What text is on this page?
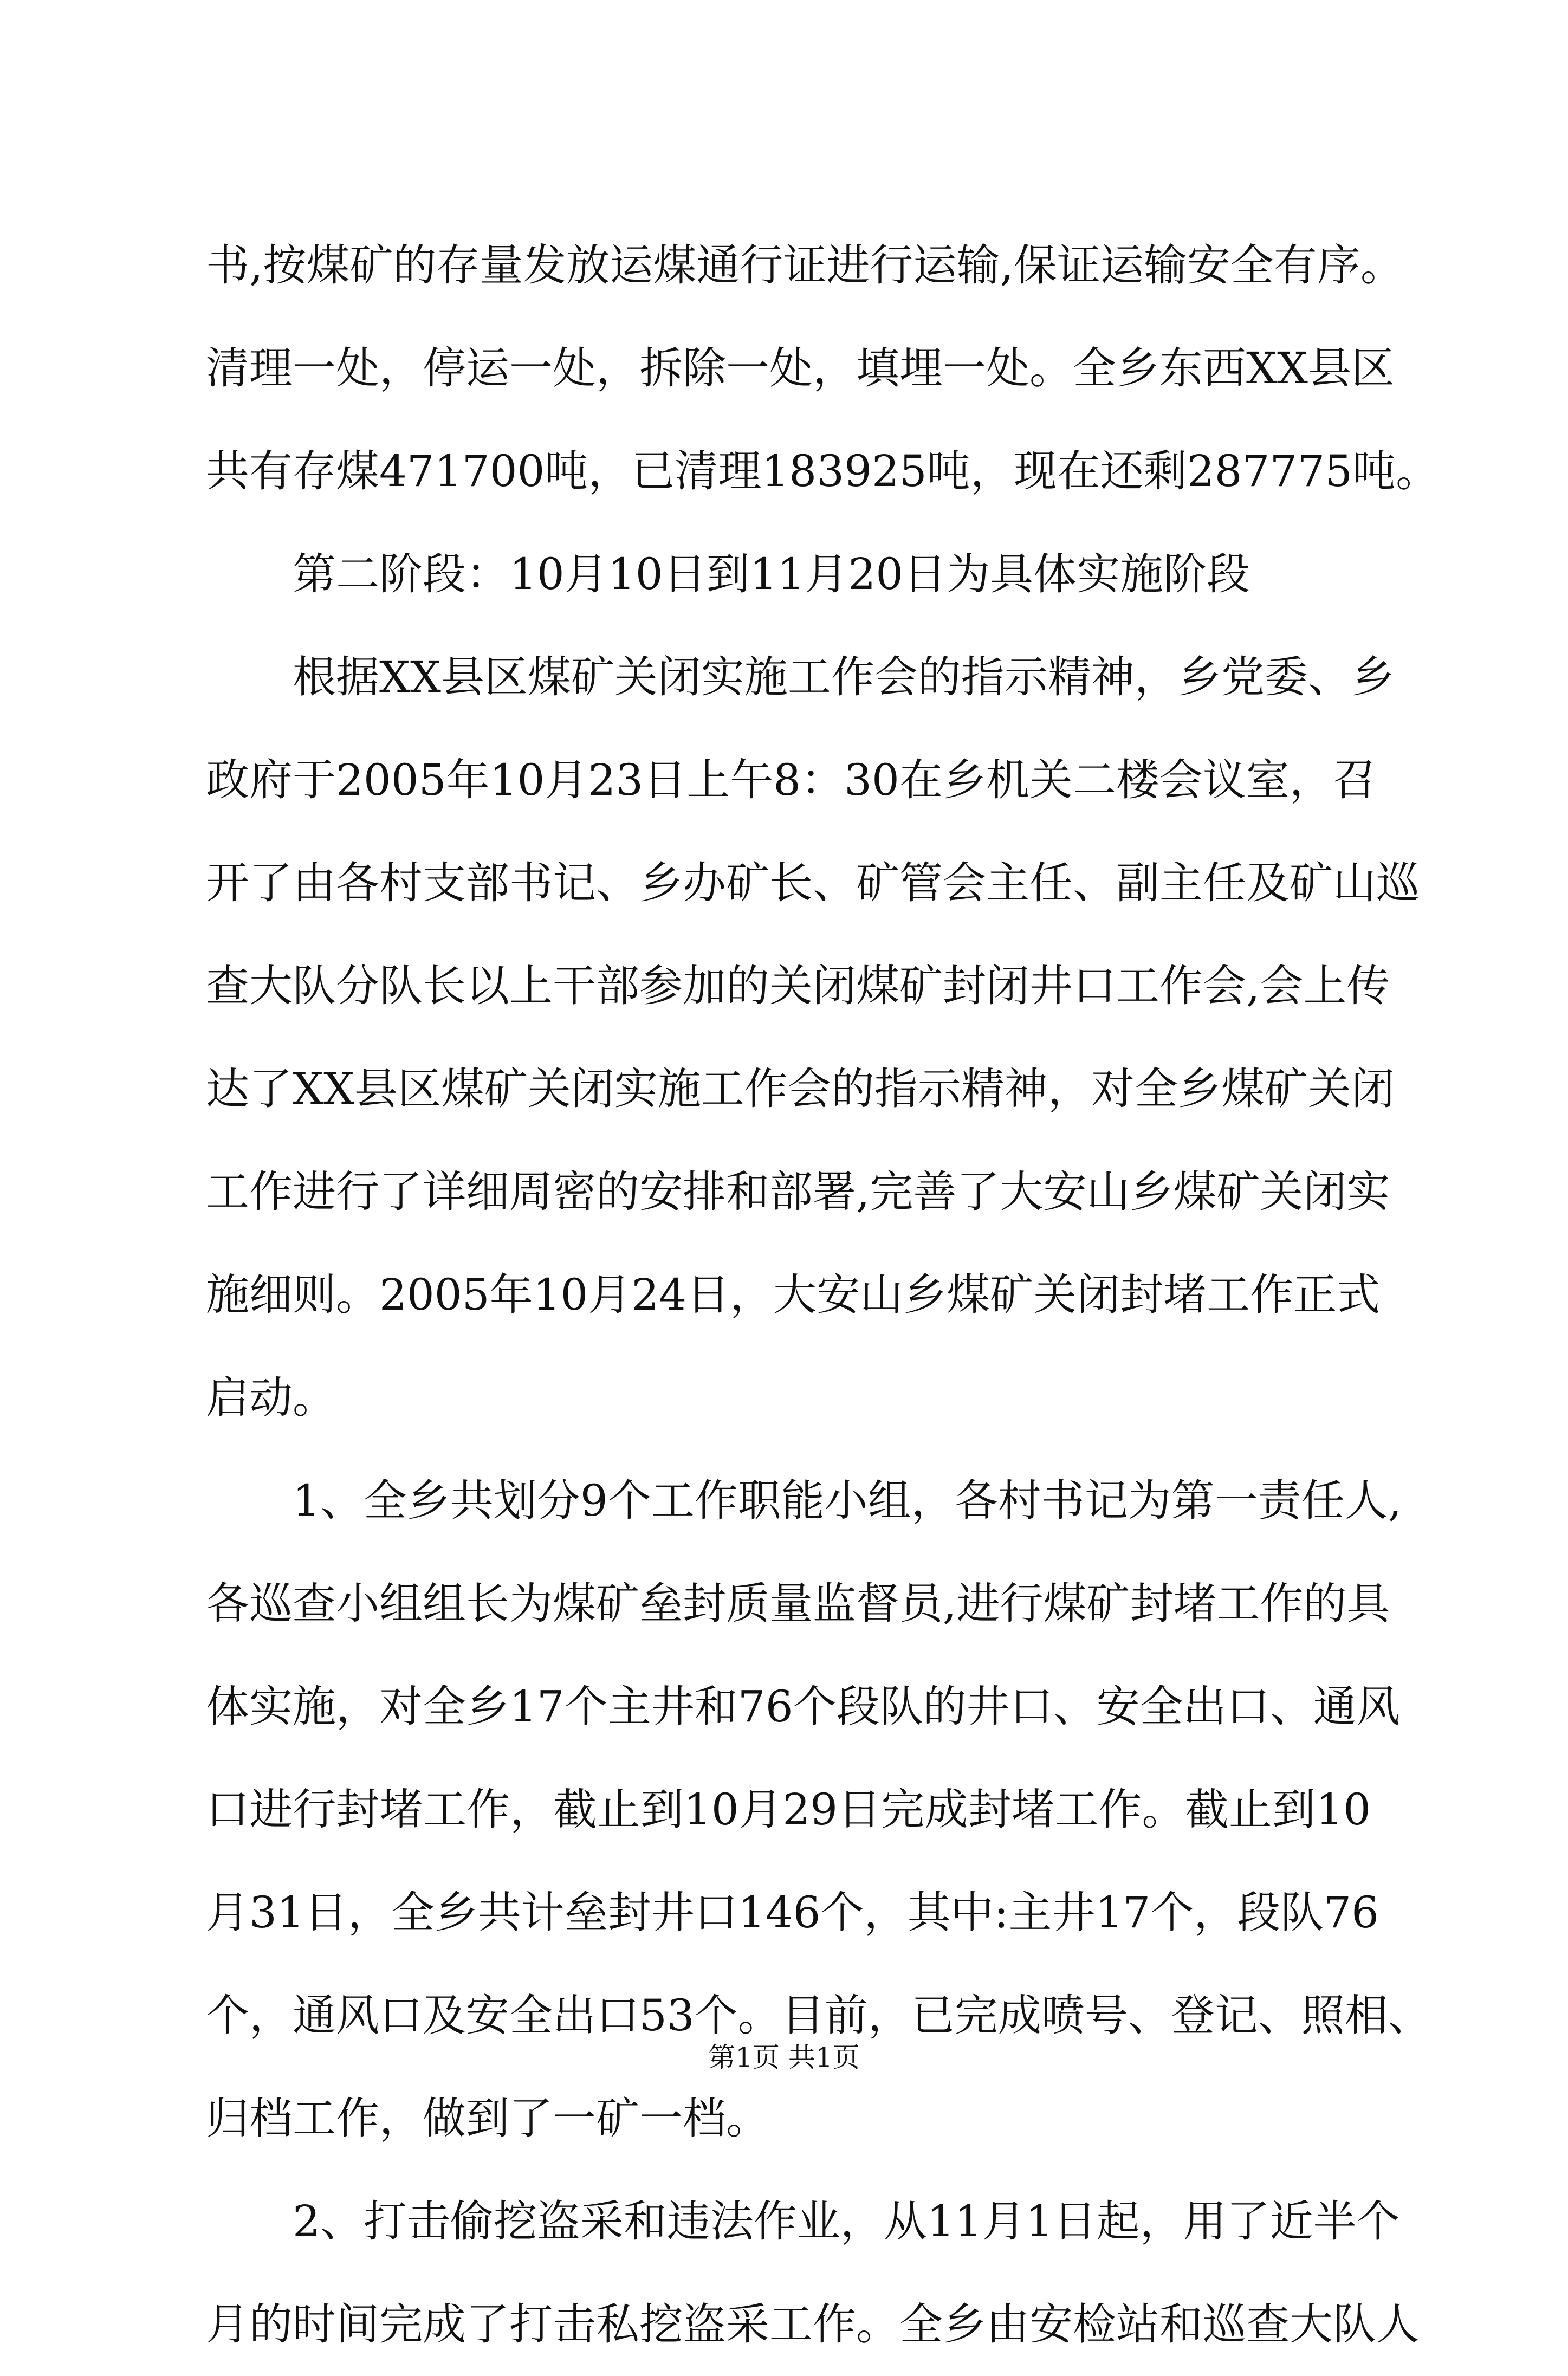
书,按煤矿的存量发放运煤通行证进行运输,保证运输安全有序。
清理一处，停运一处，拆除一处，填埋一处。全乡东西XX县区
共有存煤471700吨，已清理183925吨，现在还剩287775吨。
第二阶段：10月10日到11月20日为具体实施阶段
根据XX县区煤矿关闭实施工作会的指示精神，乡党委、乡
政府于2005年10月23日上午8：30在乡机关二楼会议室，召
开了由各村支部书记、乡办矿长、矿管会主任、副主任及矿山巡
查大队分队长以上干部参加的关闭煤矿封闭井口工作会,会上传
达了XX县区煤矿关闭实施工作会的指示精神，对全乡煤矿关闭
工作进行了详细周密的安排和部署,完善了大安山乡煤矿关闭实
施细则。2005年10月24日，大安山乡煤矿关闭封堵工作正式
启动。
1、全乡共划分9个工作职能小组，各村书记为第一责任人,
各巡查小组组长为煤矿垒封质量监督员,进行煤矿封堵工作的具
体实施，对全乡17个主井和76个段队的井口、安全出口、通风
口进行封堵工作，截止到10月29日完成封堵工作。截止到10
月31日，全乡共计垒封井口146个，其中:主井17个，段队76
个，通风口及安全出口53个。目前，已完成喷号、登记、照相、
归档工作，做到了一矿一档。
2、打击偷挖盗采和违法作业，从11月1日起，用了近半个
月的时间完成了打击私挖盗采工作。全乡由安检站和巡查大队人
第1页 共1页
